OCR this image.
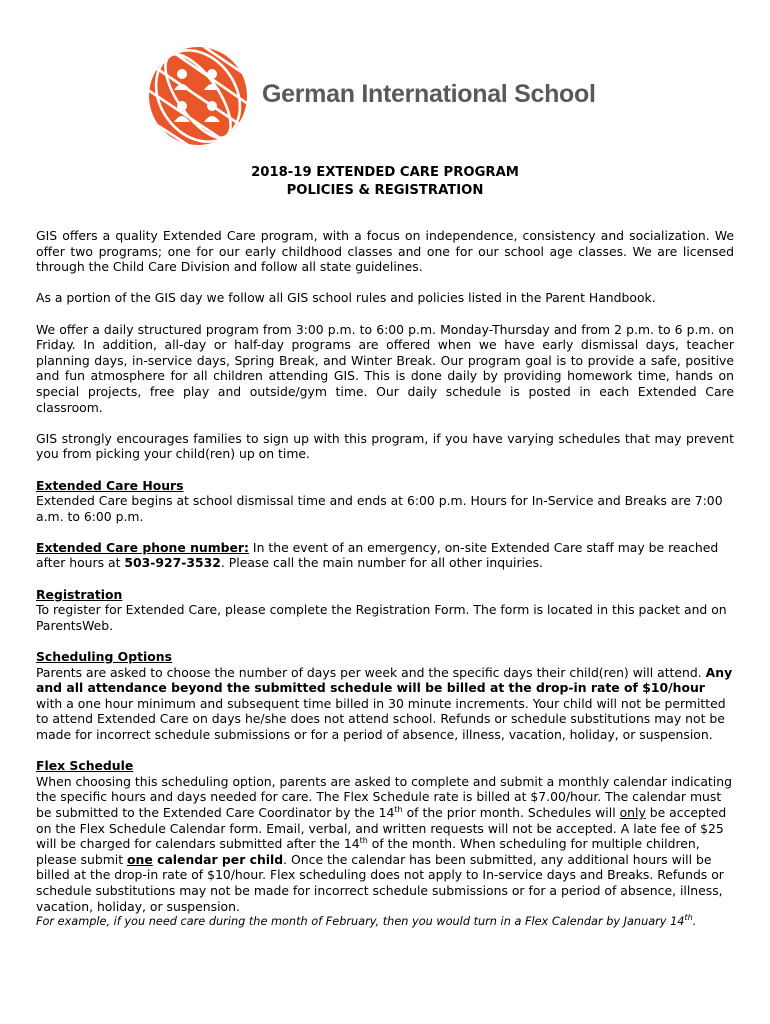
German International School
2018-19 EXTENDED CARE PROGRAM
POLICIES & REGISTRATION

GIS offers a quality Extended Care program, with a focus on independence, consistency and socialization. We offer two programs; one for our early childhood classes and one for our school age classes. We are licensed through the Child Care Division and follow all state guidelines.

As a portion of the GIS day we follow all GIS school rules and policies listed in the Parent Handbook.

We offer a daily structured program from 3:00 p.m. to 6:00 p.m. Monday-Thursday and from 2 p.m. to 6 p.m. on Friday. In addition, all-day or half-day programs are offered when we have early dismissal days, teacher planning days, in-service days, Spring Break, and Winter Break. Our program goal is to provide a safe, positive and fun atmosphere for all children attending GIS. This is done daily by providing homework time, hands on special projects, free play and outside/gym time. Our daily schedule is posted in each Extended Care classroom.

GIS strongly encourages families to sign up with this program, if you have varying schedules that may prevent you from picking your child(ren) up on time.

Extended Care Hours

Extended Care begins at school dismissal time and ends at 6:00 p.m. Hours for In-Service and Breaks are 7:00 a.m. to 6:00 p.m.

Extended Care phone number: In the event of an emergency, on-site Extended Care staff may be reached after hours at 503-927-3532. Please call the main number for all other inquiries.

Registration

To register for Extended Care, please complete the Registration Form. The form is located in this packet and on ParentsWeb.

Scheduling Options

Parents are asked to choose the number of days per week and the specific days their child(ren) will attend. Any and all attendance beyond the submitted schedule will be billed at the drop-in rate of $10/hour with a one hour minimum and subsequent time billed in 30 minute increments. Your child will not be permitted to attend Extended Care on days he/she does not attend school. Refunds or schedule substitutions may not be made for incorrect schedule submissions or for a period of absence, illness, vacation, holiday, or suspension.

Flex Schedule

When choosing this scheduling option, parents are asked to complete and submit a monthly calendar indicating the specific hours and days needed for care. The Flex Schedule rate is billed at $7.00/hour. The calendar must be submitted to the Extended Care Coordinator by the 14th of the prior month. Schedules will only be accepted on the Flex Schedule Calendar form. Email, verbal, and written requests will not be accepted. A late fee of $25 will be charged for calendars submitted after the 14th of the month. When scheduling for multiple children, please submit one calendar per child. Once the calendar has been submitted, any additional hours will be billed at the drop-in rate of $10/hour. Flex scheduling does not apply to In-service days and Breaks. Refunds or schedule substitutions may not be made for incorrect schedule submissions or for a period of absence, illness, vacation, holiday, or suspension.

For example, if you need care during the month of February, then you would turn in a Flex Calendar by January 14th.
